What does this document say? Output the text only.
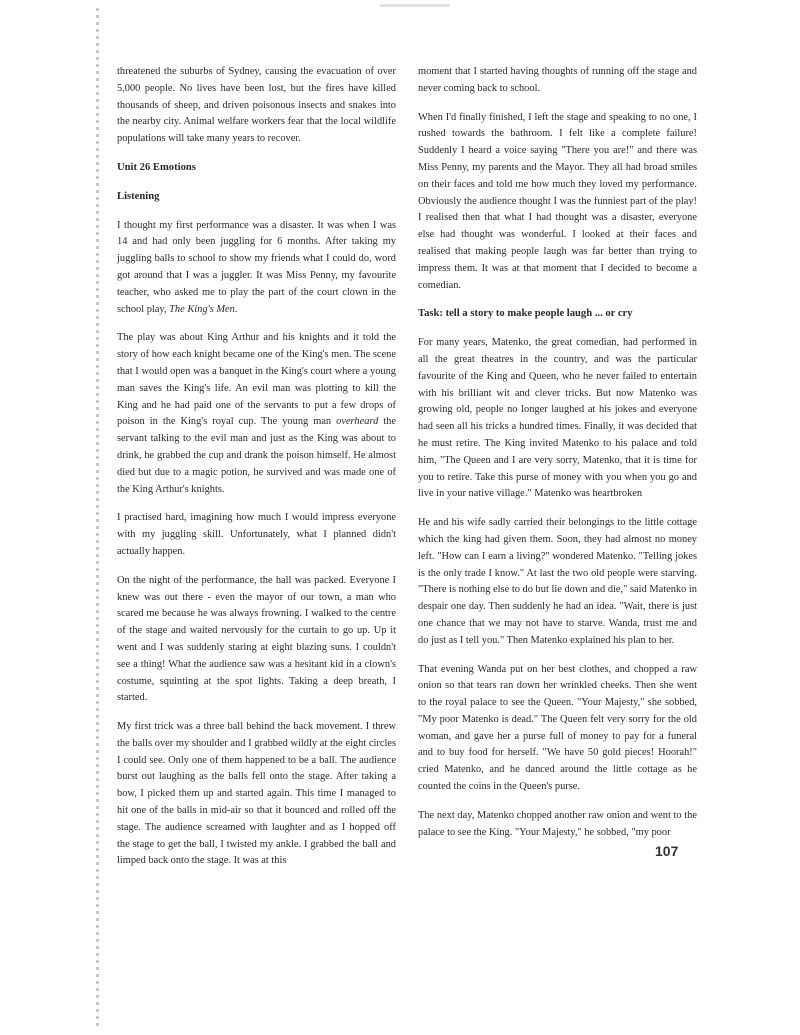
threatened the suburbs of Sydney, causing the evacuation of over 5,000 people. No lives have been lost, but the fires have killed thousands of sheep, and driven poisonous insects and snakes into the nearby city. Animal welfare workers fear that the local wildlife populations will take many years to recover.

Unit 26 Emotions

Listening

I thought my first performance was a disaster. It was when I was 14 and had only been juggling for 6 months. After taking my juggling balls to school to show my friends what I could do, word got around that I was a juggler. It was Miss Penny, my favourite teacher, who asked me to play the part of the court clown in the school play, The King's Men.

The play was about King Arthur and his knights and it told the story of how each knight became one of the King's men. The scene that I would open was a banquet in the King's court where a young man saves the King's life. An evil man was plotting to kill the King and he had paid one of the servants to put a few drops of poison in the King's royal cup. The young man overheard the servant talking to the evil man and just as the King was about to drink, he grabbed the cup and drank the poison himself. He almost died but due to a magic potion, he survived and was made one of the King Arthur's knights.

I practised hard, imagining how much I would impress everyone with my juggling skill. Unfortunately, what I planned didn't actually happen.

On the night of the performance, the hall was packed. Everyone I knew was out there - even the mayor of our town, a man who scared me because he was always frowning. I walked to the centre of the stage and waited nervously for the curtain to go up. Up it went and I was suddenly staring at eight blazing suns. I couldn't see a thing! What the audience saw was a hesitant kid in a clown's costume, squinting at the spot lights. Taking a deep breath, I started.

My first trick was a three ball behind the back movement. I threw the balls over my shoulder and I grabbed wildly at the eight circles I could see. Only one of them happened to be a ball. The audience burst out laughing as the balls fell onto the stage. After taking a bow, I picked them up and started again. This time I managed to hit one of the balls in mid-air so that it bounced and rolled off the stage. The audience screamed with laughter and as I hopped off the stage to get the ball, I twisted my ankle. I grabbed the ball and limped back onto the stage. It was at this

moment that I started having thoughts of running off the stage and never coming back to school.

When I'd finally finished, I left the stage and speaking to no one, I rushed towards the bathroom. I felt like a complete failure! Suddenly I heard a voice saying "There you are!" and there was Miss Penny, my parents and the Mayor. They all had broad smiles on their faces and told me how much they loved my performance. Obviously the audience thought I was the funniest part of the play! I realised then that what I had thought was a disaster, everyone else had thought was wonderful. I looked at their faces and realised that making people laugh was far better than trying to impress them. It was at that moment that I decided to become a comedian.

Task: tell a story to make people laugh ... or cry

For many years, Matenko, the great comedian, had performed in all the great theatres in the country, and was the particular favourite of the King and Queen, who he never failed to entertain with his brilliant wit and clever tricks. But now Matenko was growing old, people no longer laughed at his jokes and everyone had seen all his tricks a hundred times. Finally, it was decided that he must retire. The King invited Matenko to his palace and told him, "The Queen and I are very sorry, Matenko, that it is time for you to retire. Take this purse of money with you when you go and live in your native village." Matenko was heartbroken

He and his wife sadly carried their belongings to the little cottage which the king had given them. Soon, they had almost no money left. "How can I earn a living?" wondered Matenko. "Telling jokes is the only trade I know." At last the two old people were starving. "There is nothing else to do but lie down and die," said Matenko in despair one day. Then suddenly he had an idea. "Wait, there is just one chance that we may not have to starve. Wanda, trust me and do just as I tell you." Then Matenko explained his plan to her.

That evening Wanda put on her best clothes, and chopped a raw onion so that tears ran down her wrinkled cheeks. Then she went to the royal palace to see the Queen. "Your Majesty," she sobbed, "My poor Matenko is dead." The Queen felt very sorry for the old woman, and gave her a purse full of money to pay for a funeral and to buy food for herself. "We have 50 gold pieces! Hoorah!" cried Matenko, and he danced around the little cottage as he counted the coins in the Queen's purse.

The next day, Matenko chopped another raw onion and went to the palace to see the King. "Your Majesty," he sobbed, "my poor

107
